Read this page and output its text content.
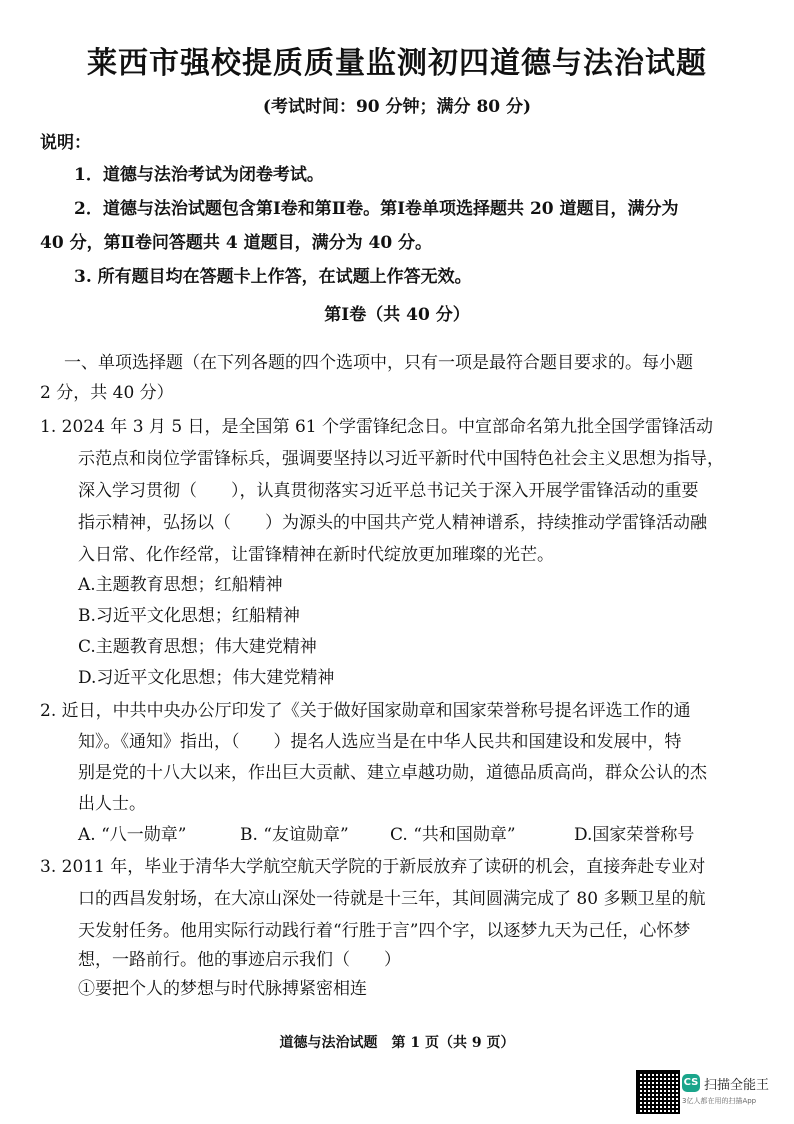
莱西市强校提质质量监测初四道德与法治试题
(考试时间：90 分钟；满分 80 分)
说明：
1．道德与法治考试为闭卷考试。
2．道德与法治试题包含第Ⅰ卷和第Ⅱ卷。第Ⅰ卷单项选择题共 20 道题目，满分为
40 分，第Ⅱ卷问答题共 4 道题目，满分为 40 分。
3. 所有题目均在答题卡上作答，在试题上作答无效。
第Ⅰ卷（共 40 分）
一、单项选择题（在下列各题的四个选项中，只有一项是最符合题目要求的。每小题
2 分，共 40 分）
1. 2024 年 3 月 5 日，是全国第 61 个学雷锋纪念日。中宣部命名第九批全国学雷锋活动
示范点和岗位学雷锋标兵，强调要坚持以习近平新时代中国特色社会主义思想为指导，
深入学习贯彻（　　），认真贯彻落实习近平总书记关于深入开展学雷锋活动的重要
指示精神，弘扬以（　　）为源头的中国共产党人精神谱系，持续推动学雷锋活动融
入日常、化作经常，让雷锋精神在新时代绽放更加璀璨的光芒。
A.主题教育思想；红船精神
B.习近平文化思想；红船精神
C.主题教育思想；伟大建党精神
D.习近平文化思想；伟大建党精神
2. 近日，中共中央办公厅印发了《关于做好国家勋章和国家荣誉称号提名评选工作的通
知》。《通知》指出，（　　）提名人选应当是在中华人民共和国建设和发展中，特
别是党的十八大以来，作出巨大贡献、建立卓越功勋，道德品质高尚，群众公认的杰
出人士。
A. “八一勋章”	B. “友谊勋章” C. “共和国勋章”	D.国家荣誉称号
3. 2011 年，毕业于清华大学航空航天学院的于新辰放弃了读研的机会，直接奔赴专业对
口的西昌发射场，在大凉山深处一待就是十三年，其间圆满完成了 80 多颗卫星的航
天发射任务。他用实际行动践行着“行胜于言”四个字，以逐梦九天为己任，心怀梦
想，一路前行。他的事迹启示我们（　　）
①要把个人的梦想与时代脉搏紧密相连
道德与法治试题　第 1 页（共 9 页）
CS 扫描全能王
3亿人都在用的扫描App
